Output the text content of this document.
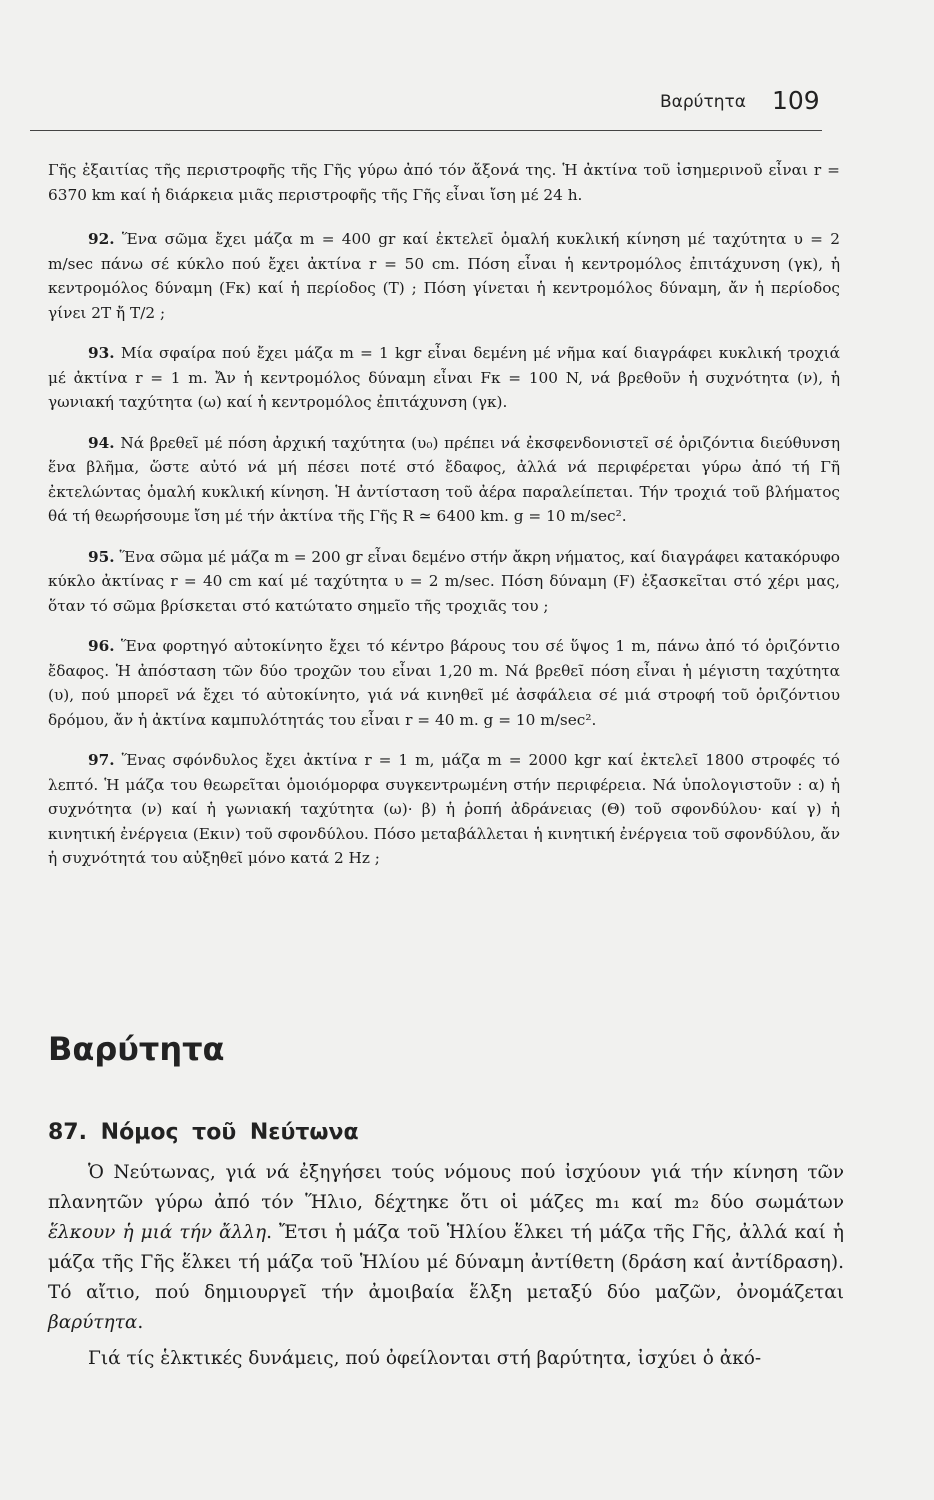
Βαρύτητα 109

Γῆς ἐξαιτίας τῆς περιστροφῆς τῆς Γῆς γύρω ἀπό τόν ἄξονά της. Ἡ ἀκτίνα τοῦ ἰσημερινοῦ εἶναι r = 6370 km καί ἡ διάρκεια μιᾶς περιστροφῆς τῆς Γῆς εἶναι ἴση μέ 24 h.

92. Ἕνα σῶμα ἔχει μάζα m = 400 gr καί ἐκτελεῖ ὁμαλή κυκλική κίνηση μέ ταχύτητα υ = 2 m/sec πάνω σέ κύκλο πού ἔχει ἀκτίνα r = 50 cm. Πόση εἶναι ἡ κεντρομόλος ἐπιτάχυνση (γκ), ἡ κεντρομόλος δύναμη (Fκ) καί ἡ περίοδος (T) ; Πόση γίνεται ἡ κεντρομόλος δύναμη, ἄν ἡ περίοδος γίνει 2T ἤ T/2 ;

93. Μία σφαίρα πού ἔχει μάζα m = 1 kgr εἶναι δεμένη μέ νῆμα καί διαγράφει κυκλική τροχιά μέ ἀκτίνα r = 1 m. Ἄν ἡ κεντρομόλος δύναμη εἶναι Fκ = 100 N, νά βρεθοῦν ἡ συχνότητα (ν), ἡ γωνιακή ταχύτητα (ω) καί ἡ κεντρομόλος ἐπιτάχυνση (γκ).

94. Νά βρεθεῖ μέ πόση ἀρχική ταχύτητα (υ₀) πρέπει νά ἐκσφενδονιστεῖ σέ ὁριζόντια διεύθυνση ἕνα βλῆμα, ὥστε αὐτό νά μή πέσει ποτέ στό ἔδαφος, ἀλλά νά περιφέρεται γύρω ἀπό τή Γῆ ἐκτελώντας ὁμαλή κυκλική κίνηση. Ἡ ἀντίσταση τοῦ ἀέρα παραλείπεται. Τήν τροχιά τοῦ βλήματος θά τή θεωρήσουμε ἴση μέ τήν ἀκτίνα τῆς Γῆς R ≃ 6400 km. g = 10 m/sec².

95. Ἕνα σῶμα μέ μάζα m = 200 gr εἶναι δεμένο στήν ἄκρη νήματος, καί διαγράφει κατακόρυφο κύκλο ἀκτίνας r = 40 cm καί μέ ταχύτητα υ = 2 m/sec. Πόση δύναμη (F) ἐξασκεῖται στό χέρι μας, ὅταν τό σῶμα βρίσκεται στό κατώτατο σημεῖο τῆς τροχιᾶς του ;

96. Ἕνα φορτηγό αὐτοκίνητο ἔχει τό κέντρο βάρους του σέ ὕψος 1 m, πάνω ἀπό τό ὁριζόντιο ἔδαφος. Ἡ ἀπόσταση τῶν δύο τροχῶν του εἶναι 1,20 m. Νά βρεθεῖ πόση εἶναι ἡ μέγιστη ταχύτητα (υ), πού μπορεῖ νά ἔχει τό αὐτοκίνητο, γιά νά κινηθεῖ μέ ἀσφάλεια σέ μιά στροφή τοῦ ὁριζόντιου δρόμου, ἄν ἡ ἀκτίνα καμπυλότητάς του εἶναι r = 40 m. g = 10 m/sec².

97. Ἕνας σφόνδυλος ἔχει ἀκτίνα r = 1 m, μάζα m = 2000 kgr καί ἐκτελεῖ 1800 στροφές τό λεπτό. Ἡ μάζα του θεωρεῖται ὁμοιόμορφα συγκεντρωμένη στήν περιφέρεια. Νά ὑπολογιστοῦν : α) ἡ συχνότητα (ν) καί ἡ γωνιακή ταχύτητα (ω)· β) ἡ ῥοπή ἀδράνειας (Θ) τοῦ σφονδύλου· καί γ) ἡ κινητική ἐνέργεια (Eκιν) τοῦ σφονδύλου. Πόσο μεταβάλλεται ἡ κινητική ἐνέργεια τοῦ σφονδύλου, ἄν ἡ συχνότητά του αὐξηθεῖ μόνο κατά 2 Hz ;

Βαρύτητα
87. Νόμος τοῦ Νεύτωνα

Ὁ Νεύτωνας, γιά νά ἐξηγήσει τούς νόμους πού ἰσχύουν γιά τήν κίνηση τῶν πλανητῶν γύρω ἀπό τόν Ἥλιο, δέχτηκε ὅτι οἱ μάζες m₁ καί m₂ δύο σωμάτων ἕλκουν ἡ μιά τήν ἄλλη. Ἔτσι ἡ μάζα τοῦ Ἡλίου ἕλκει τή μάζα τῆς Γῆς, ἀλλά καί ἡ μάζα τῆς Γῆς ἕλκει τή μάζα τοῦ Ἡλίου μέ δύναμη ἀντίθετη (δράση καί ἀντίδραση). Τό αἴτιο, πού δημιουργεῖ τήν ἀμοιβαία ἕλξη μεταξύ δύο μαζῶν, ὀνομάζεται βαρύτητα.

Γιά τίς ἑλκτικές δυνάμεις, πού ὀφείλονται στή βαρύτητα, ἰσχύει ὁ ἀκό-
